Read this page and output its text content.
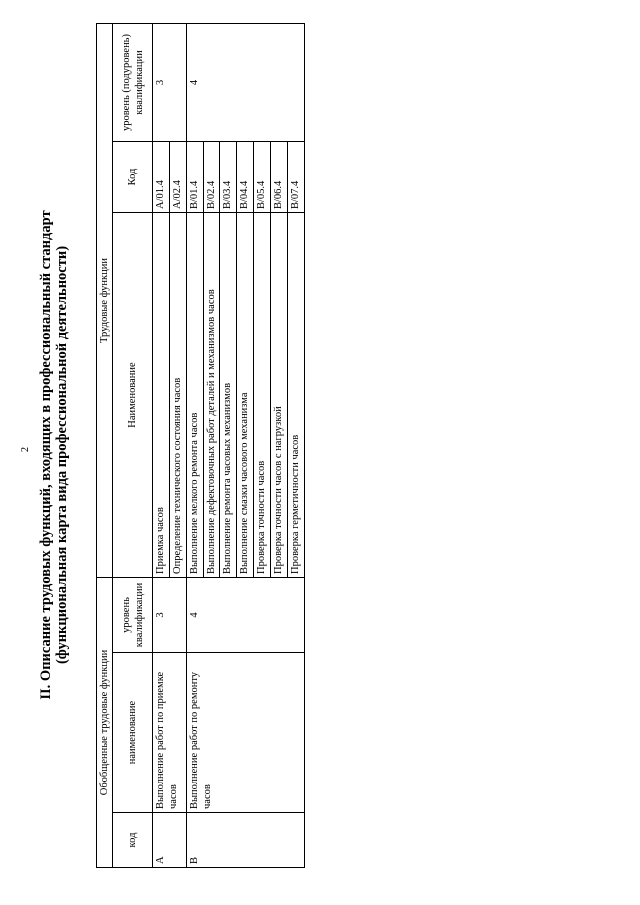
2 II. Описание трудовых функций, входящих в профессиональный стандарт (функциональная карта вида профессиональной деятельности)
Обобщенные трудовые функции			Трудовые функции		
код	наименование	уровень квалификации	Наименование	Код	уровень (подуровень) квалификации
A	Выполнение работ по приемке часов	3	Приемка часов	A/01.4	3
			Определение технического состояния часов	A/02.4	
B	Выполнение работ по ремонту часов	4	Выполнение мелкого ремонта часов	B/01.4	4
			Выполнение дефектовочных работ деталей и механизмов часов	B/02.4	
			Выполнение ремонта часовых механизмов	B/03.4	
			Выполнение смазки часового механизма	B/04.4	
			Проверка точности часов	B/05.4	
			Проверка точности часов с нагрузкой	B/06.4	
			Проверка герметичности часов	B/07.4	
